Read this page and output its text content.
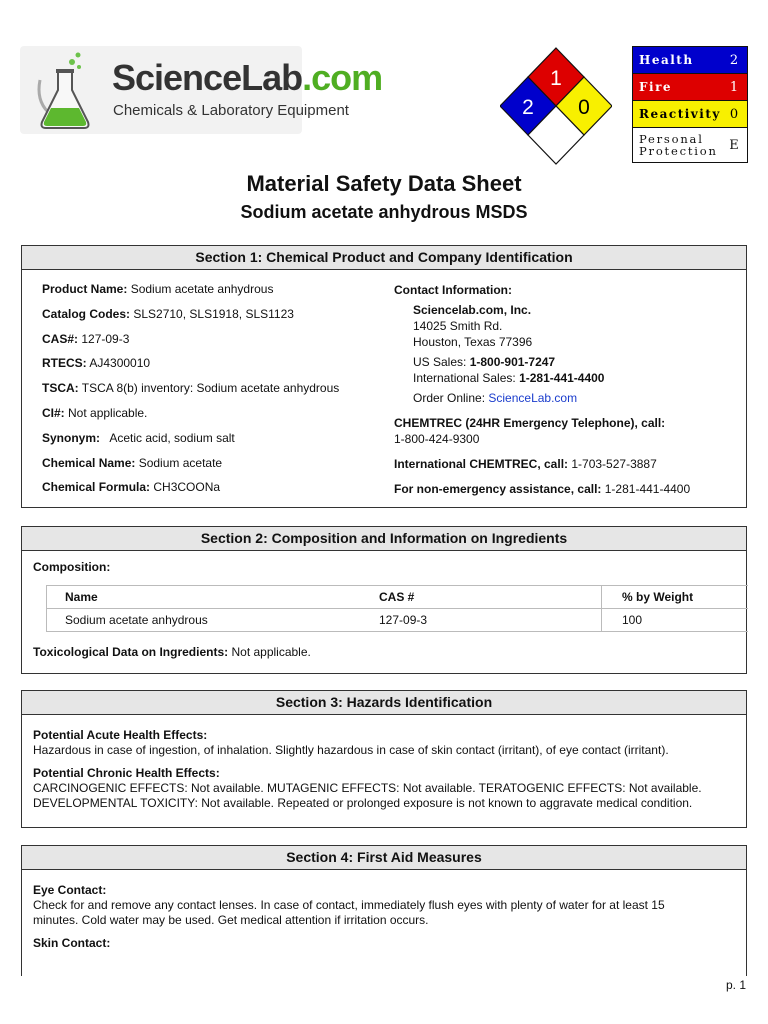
ScienceLab.com
Chemicals & Laboratory Equipment
1
2 0
Health	2
Fire	1
Reactivity 0
Personal Protection E
Material Safety Data Sheet
Sodium acetate anhydrous MSDS
Section 1: Chemical Product and Company Identification
Product Name: Sodium acetate anhydrous
Catalog Codes: SLS2710, SLS1918, SLS1123
CAS#: 127-09-3
RTECS: AJ4300010
TSCA: TSCA 8(b) inventory: Sodium acetate anhydrous
CI#: Not applicable.
Synonym:   Acetic acid, sodium salt
Chemical Name: Sodium acetate
Chemical Formula: CH3COONa
Contact Information:
Sciencelab.com, Inc.
14025 Smith Rd.
Houston, Texas 77396
US Sales: 1-800-901-7247
International Sales: 1-281-441-4400
Order Online: ScienceLab.com
CHEMTREC (24HR Emergency Telephone), call:
1-800-424-9300
International CHEMTREC, call: 1-703-527-3887
For non-emergency assistance, call: 1-281-441-4400
Section 2: Composition and Information on Ingredients
Composition:
Name	CAS #	% by Weight
Sodium acetate anhydrous	127-09-3	100
Toxicological Data on Ingredients: Not applicable.
Section 3: Hazards Identification
Potential Acute Health Effects:
Hazardous in case of ingestion, of inhalation. Slightly hazardous in case of skin contact (irritant), of eye contact (irritant).
Potential Chronic Health Effects:
CARCINOGENIC EFFECTS: Not available. MUTAGENIC EFFECTS: Not available. TERATOGENIC EFFECTS: Not available.
DEVELOPMENTAL TOXICITY: Not available. Repeated or prolonged exposure is not known to aggravate medical condition.
Section 4: First Aid Measures
Eye Contact:
Check for and remove any contact lenses. In case of contact, immediately flush eyes with plenty of water for at least 15
minutes. Cold water may be used. Get medical attention if irritation occurs.
Skin Contact:
p. 1
